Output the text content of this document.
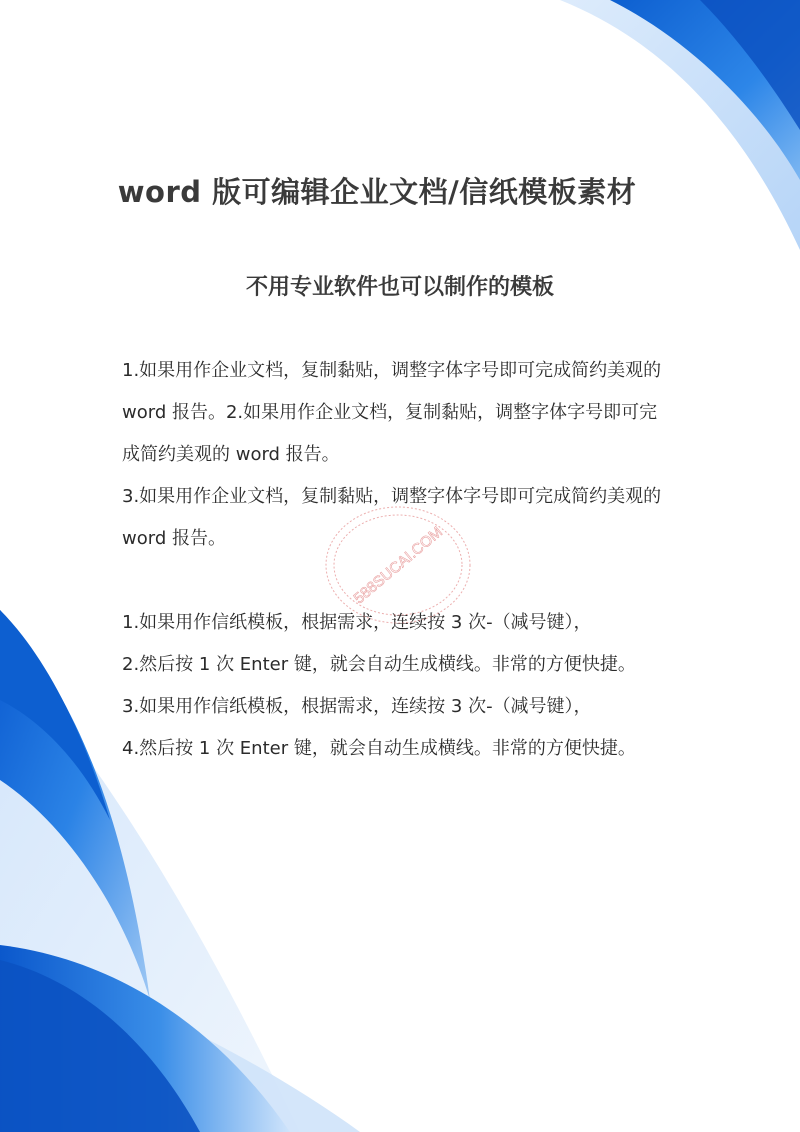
word 版可编辑企业文档/信纸模板素材
不用专业软件也可以制作的模板

1.如果用作企业文档，复制黏贴，调整字体字号即可完成简约美观的

word 报告。2.如果用作企业文档，复制黏贴，调整字体字号即可完

成简约美观的 word 报告。

3.如果用作企业文档，复制黏贴，调整字体字号即可完成简约美观的

word 报告。

1.如果用作信纸模板，根据需求，连续按 3 次-（减号键），

2.然后按 1 次 Enter 键，就会自动生成横线。非常的方便快捷。

3.如果用作信纸模板，根据需求，连续按 3 次-（减号键），

4.然后按 1 次 Enter 键，就会自动生成横线。非常的方便快捷。

588SUCAI.COM
